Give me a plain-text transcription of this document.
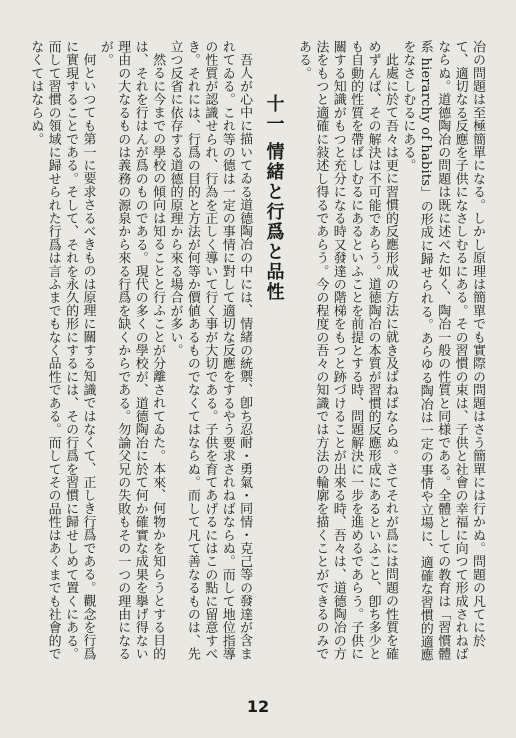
冶の問題は至極簡單になる。しかし原理は簡單でも實際の問題はさう簡單には行かぬ。問題の凡てに於て、適切なる反應を子供になさしむるにある。その習慣の束は、子供と社會の幸福に向つて形成されねばならぬ。道德陶冶の問題は既に述べた如く、陶冶一般の性質と同様である。全體としての教育は「習慣體系 hierarchy of habits」の形成に歸せられる。あらゆる陶冶は一定の事情や立場に、適確な習慣的適應をなさしむるにある。

此處に於て吾々は更に習慣的反應形成の方法に就き及ばねばならぬ。さてそれが爲には問題の性質を確めずんば、その解決は不可能であらう。道徳陶冶の本質が習慣的反應形成にあるといふこと、卽ち多少とも自動的性質を帶ばしむるにあるといふことを前提とする時、問題解決に一步を進めるであらう。子供に關する知識がもつと充分になる時又發達の階梯をもつと跡づけることが出來る時、吾々は、道德陶冶の方法をもつと適確に敍述し得るであらう。今の程度の吾々の知識では方法の輪廓を描くことができるのみである。

十一 情緒と行爲と品性

吾人が心中に描いてゐる道德陶冶の中には、情緒の統禦、卽ち忍耐・勇氣・同情・克己等の發達が含まれてゐる。これ等の德は一定の事情に對して適切な反應をするやう要求されねばならぬ。而して地位指導の性質が認識せられ、行為を正しく導いて行く事が大切である。子供を育てあげるにはこの點に留意すべき。それには、行爲の目的と方法が何等か價値あるものでなくてはならぬ。而して凡て善なるものは、先立つ反省に依存する道德的原理から來る場合が多い。

然るに今までの學校の傾向は知ることと行ふことが分離されてゐた。本來、何物かを知らうとする目的は、それを行はんが爲のものである。現代の多くの學校が、道德陶冶に於て何か確實な成果を擧げ得ない理由の大なるものは義務の源泉から來る行爲を缺くからである。勿論父兄の失敗もその一つの理由になるが。

何といつても第一に要求さるべきものは原理に關する知識ではなくて、正しき行爲である。觀念を行爲に實現することである。そして、それを永久的形にするには、その行爲を習慣に歸せしめて置くにある。而して習慣の領域に歸せられた行爲は言ふまでもなく品性である。而してその品性はあくまでも社會的でなくてはならぬ。

12
